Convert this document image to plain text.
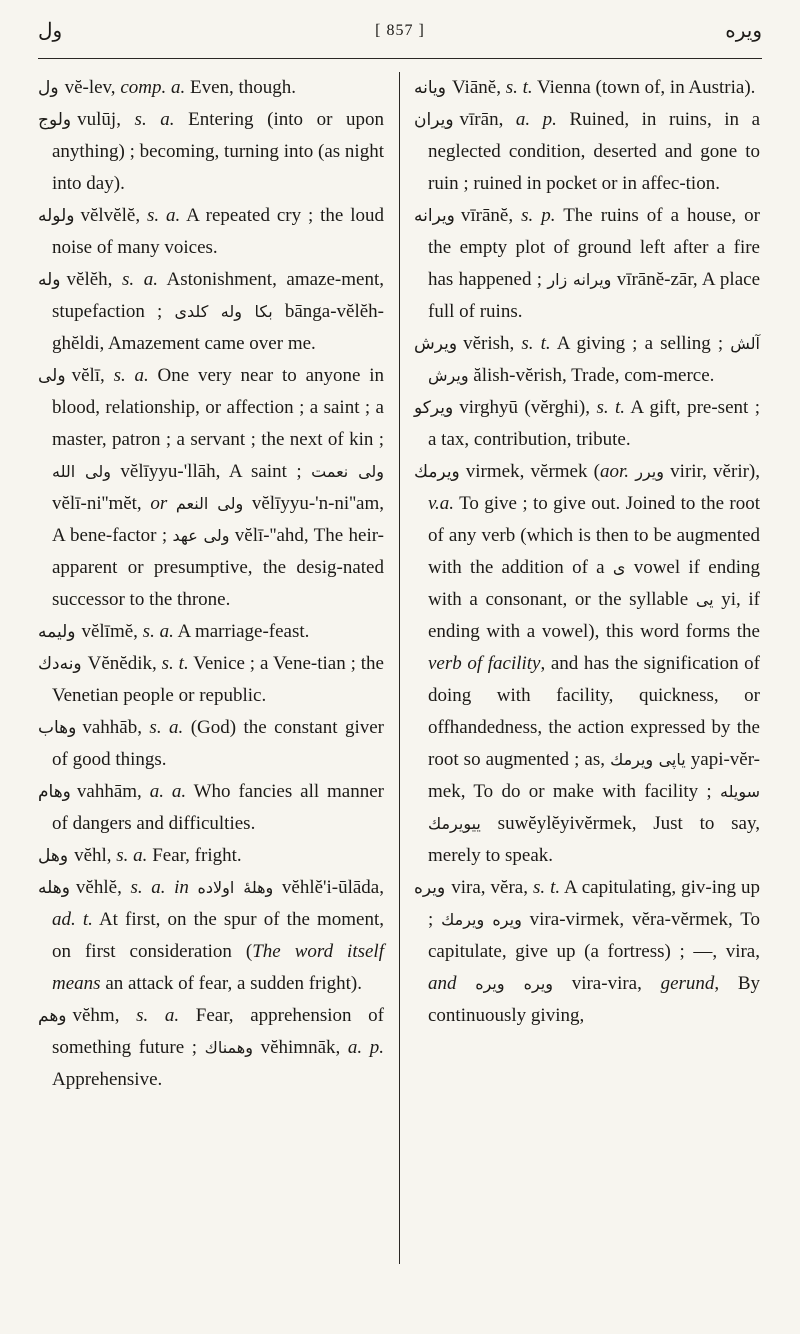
ول	[ 857 ]	ويره

ول vĕ-lev, comp. a. Even, though.

ولوج vulūj, s. a. Entering (into or upon anything) ; becoming, turning into (as night into day).

ولوله vĕlvĕlĕ, s. a. A repeated cry ; the loud noise of many voices.

وله vĕlĕh, s. a. Astonishment, amaze-ment, stupefaction ; بكا وله كلدى bānga-vĕlĕh-ghĕldi, Amazement came over me.

ولى vĕlī, s. a. One very near to anyone in blood, relationship, or affection ; a saint ; a master, patron ; a servant ; the next of kin ; ولى الله vĕlīyyu-'llāh, A saint ; ولى نعمت vĕlī-ni''mĕt, or ولى النعم vĕlīyyu-'n-ni''am, A bene-factor ; ولى عهد vĕlī-''ahd, The heir-apparent or presumptive, the desig-nated successor to the throne.

وليمه vĕlīmĕ, s. a. A marriage-feast.

ونه‌دك Vĕnĕdik, s. t. Venice ; a Vene-tian ; the Venetian people or republic.

وهاب vahhāb, s. a. (God) the constant giver of good things.

وهام vahhām, a. a. Who fancies all manner of dangers and difficulties.

وهل vĕhl, s. a. Fear, fright.

وهله vĕhlĕ, s. a. in وهلهٔ اولاده vĕhlĕ'i-ūlāda, ad. t. At first, on the spur of the moment, on first consideration (The word itself means an attack of fear, a sudden fright).

وهم vĕhm, s. a. Fear, apprehension of something future ; وهمناك vĕhimnāk, a. p. Apprehensive.

ويانه Viānĕ, s. t. Vienna (town of, in Austria).

ويران vīrān, a. p. Ruined, in ruins, in a neglected condition, deserted and gone to ruin ; ruined in pocket or in affec-tion.

ويرانه vīrānĕ, s. p. The ruins of a house, or the empty plot of ground left after a fire has happened ; ويرانه زار vīrānĕ-zār, A place full of ruins.

ويرش vĕrish, s. t. A giving ; a selling ; آلش ويرش ălish-vĕrish, Trade, com-merce.

ويركو virghyū (vĕrghi), s. t. A gift, pre-sent ; a tax, contribution, tribute.

ويرمك virmek, vĕrmek (aor. ويرر virir, vĕrir), v.a. To give ; to give out. Joined to the root of any verb (which is then to be augmented with the addition of a ى vowel if ending with a consonant, or the syllable يى yi, if ending with a vowel), this word forms the verb of facility, and has the signification of doing with facility, quickness, or offhandedness, the action expressed by the root so augmented ; as, ياپى ويرمك yapi-vĕr-mek, To do or make with facility ; سويله ييويرمك suwĕylĕyivĕrmek, Just to say, merely to speak.

ويره vira, vĕra, s. t. A capitulating, giv-ing up ; ويره ويرمك vira-virmek, vĕra-vĕrmek, To capitulate, give up (a fortress) ; —, vira, and ويره ويره vira-vira, gerund, By continuously giving,
